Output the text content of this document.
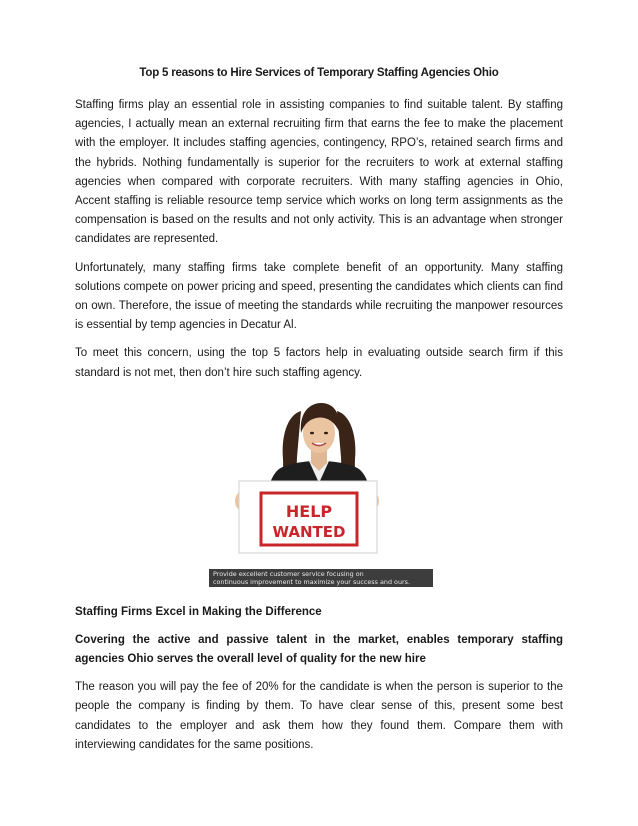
Top 5 reasons to Hire Services of Temporary Staffing Agencies Ohio

Staffing firms play an essential role in assisting companies to find suitable talent. By staffing agencies, I actually mean an external recruiting firm that earns the fee to make the placement with the employer. It includes staffing agencies, contingency, RPO’s, retained search firms and the hybrids. Nothing fundamentally is superior for the recruiters to work at external staffing agencies when compared with corporate recruiters. With many staffing agencies in Ohio, Accent staffing is reliable resource temp service which works on long term assignments as the compensation is based on the results and not only activity. This is an advantage when stronger candidates are represented.

Unfortunately, many staffing firms take complete benefit of an opportunity. Many staffing solutions compete on power pricing and speed, presenting the candidates which clients can find on own. Therefore, the issue of meeting the standards while recruiting the manpower resources is essential by temp agencies in Decatur Al.

To meet this concern, using the top 5 factors help in evaluating outside search firm if this standard is not met, then don’t hire such staffing agency.

HELP
WANTED
Provide excellent customer service focusing on
continuous improvement to maximize your success and ours.
Staffing Firms Excel in Making the Difference

Covering the active and passive talent in the market, enables temporary staffing agencies Ohio serves the overall level of quality for the new hire

The reason you will pay the fee of 20% for the candidate is when the person is superior to the people the company is finding by them. To have clear sense of this, present some best candidates to the employer and ask them how they found them. Compare them with interviewing candidates for the same positions.
